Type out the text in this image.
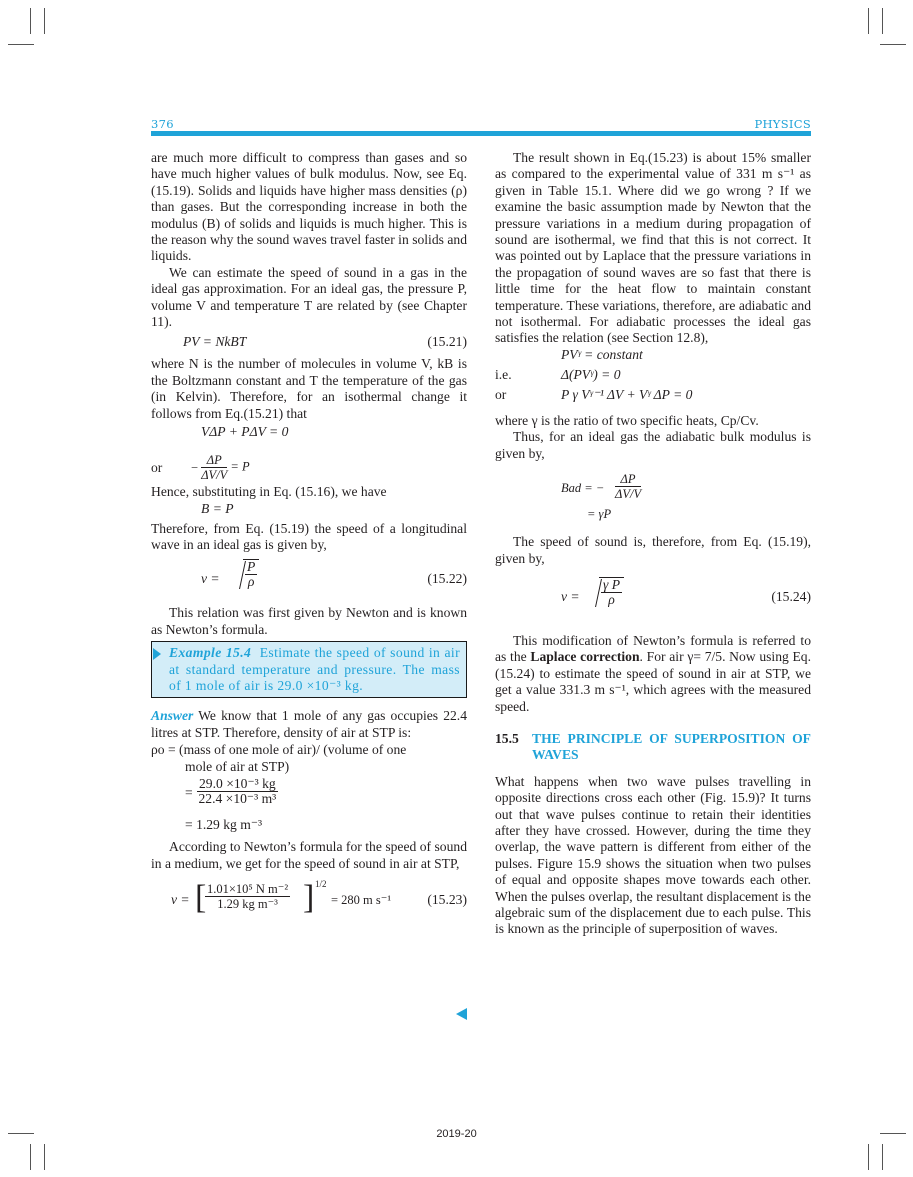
376	PHYSICS

are much more difficult to compress than gases and so have much higher values of bulk modulus. Now, see Eq. (15.19). Solids and liquids have higher mass densities (ρ) than gases. But the corresponding increase in both the modulus (B) of solids and liquids is much higher. This is the reason why the sound waves travel faster in solids and liquids.

We can estimate the speed of sound in a gas in the ideal gas approximation. For an ideal gas, the pressure P, volume V and temperature T are related by (see Chapter 11).

PV = NkBT	(15.21)

where N is the number of molecules in volume V, kB is the Boltzmann constant and T the temperature of the gas (in Kelvin). Therefore, for an isothermal change it follows from Eq.(15.21) that

VΔP + PΔV = 0
or − $\frac{\Delta P}{\Delta V/V} = P$

Hence, substituting in Eq. (15.16), we have

B = P

Therefore, from Eq. (15.19) the speed of a longitudinal wave in an ideal gas is given by,

$v = \frac{P}{\rho}$	(15.22)

This relation was first given by Newton and is known as Newton’s formula.

Example 15.4 Estimate the speed of sound in air at standard temperature and pressure. The mass of 1 mole of air is 29.0 ×10⁻³ kg.

Answer We know that 1 mole of any gas occupies 22.4 litres at STP. Therefore, density of air at STP is:

ρo = (mass of one mole of air)/ (volume of one

mole of air at STP)

= $\frac{\text{29.0 ×10⁻³ kg}}{\text{22.4 ×10⁻³ m³}}$

= 1.29 kg m⁻³

According to Newton’s formula for the speed of sound in a medium, we get for the speed of sound in air at STP,

v = [
$\frac{\text{1.01×10⁵ N m⁻²}}{\text{1.29 kg m⁻³}}$ ] 1/2
= 280 m s⁻¹	(15.23)

The result shown in Eq.(15.23) is about 15% smaller as compared to the experimental value of 331 m s⁻¹ as given in Table 15.1. Where did we go wrong ? If we examine the basic assumption made by Newton that the pressure variations in a medium during propagation of sound are isothermal, we find that this is not correct. It was pointed out by Laplace that the pressure variations in the propagation of sound waves are so fast that there is little time for the heat flow to maintain constant temperature. These variations, therefore, are adiabatic and not isothermal. For adiabatic processes the ideal gas satisfies the relation (see Section 12.8),

PVᵞ = constant
i.e.	Δ(PVᵞ) = 0
or	P γ Vᵞ⁻¹ ΔV + Vᵞ ΔP = 0

where γ is the ratio of two specific heats, Cp/Cv.

Thus, for an ideal gas the adiabatic bulk modulus is given by,

Bad = − $\frac{\Delta P}{\Delta V/V}$
= γP

The speed of sound is, therefore, from Eq. (15.19), given by,

$v = \frac{\text{γ P}}{\rho}$	(15.24)

This modification of Newton’s formula is referred to as the Laplace correction. For air γ= 7/5. Now using Eq. (15.24) to estimate the speed of sound in air at STP, we get a value 331.3 m s⁻¹, which agrees with the measured speed.

15.5 THE PRINCIPLE OF SUPERPOSITION OF WAVES

What happens when two wave pulses travelling in opposite directions cross each other (Fig. 15.9)? It turns out that wave pulses continue to retain their identities after they have crossed. However, during the time they overlap, the wave pattern is different from either of the pulses. Figure 15.9 shows the situation when two pulses of equal and opposite shapes move towards each other. When the pulses overlap, the resultant displacement is the algebraic sum of the displacement due to each pulse. This is known as the principle of superposition of waves.

2019-20
